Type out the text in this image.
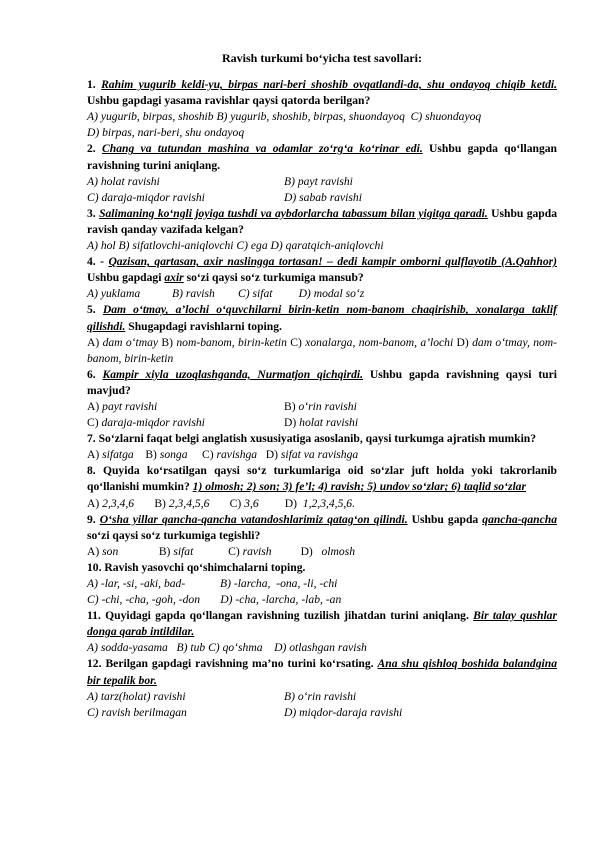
Ravish turkumi bo‘yicha test savollari:

1. Rahim yugurib keldi-yu, birpas nari-beri shoshib ovqatlandi-da, shu ondayoq chiqib ketdi. Ushbu gapdagi yasama ravishlar qaysi qatorda berilgan?

A) yugurib, birpas, shoshib B) yugurib, shoshib, birpas, shuondayoq  C) shuondayoq

D) birpas, nari-beri, shu ondayoq

2. Chang va tutundan mashina va odamlar zo‘rg‘a ko‘rinar edi. Ushbu gapda qo‘llangan ravishning turini aniqlang.

A) holat ravishi	B) payt ravishi
C) daraja-miqdor ravishi	D) sabab ravishi

3. Salimaning ko‘ngli joyiga tushdi va aybdorlarcha tabassum bilan yigitga qaradi. Ushbu gapda ravish qanday vazifada kelgan?

A) hol B) sifatlovchi-aniqlovchi C) ega D) qaratqich-aniqlovchi

4. - Qazisan, qartasan, axir naslingga tortasan! – dedi kampir omborni qulflayotib (A.Qahhor) Ushbu gapdagi axir so‘zi qaysi so‘z turkumiga mansub?

A) yuklama           B) ravish        C) sifat         D) modal so‘z

5. Dam o‘tmay, a’lochi o‘quvchilarni birin-ketin nom-banom chaqirishib, xonalarga taklif qilishdi. Shugapdagi ravishlarni toping.

A) dam o‘tmay B) nom-banom, birin-ketin C) xonalarga, nom-banom, a’lochi D) dam o‘tmay, nom-banom, birin-ketin

6. Kampir xiyla uzoqlashganda, Nurmatjon qichqirdi. Ushbu gapda ravishning qaysi turi mavjud?

A) payt ravishi	B) o‘rin ravishi
C) daraja-miqdor ravishi	D) holat ravishi

7. So‘zlarni faqat belgi anglatish xususiyatiga asoslanib, qaysi turkumga ajratish mumkin?

A) sifatga    B) songa     C) ravishga   D) sifat va ravishga

8. Quyida ko‘rsatilgan qaysi so‘z turkumlariga oid so‘zlar juft holda yoki takrorlanib qo‘llanishi mumkin? 1) olmosh; 2) son; 3) fe’l; 4) ravish; 5) undov so‘zlar; 6) taqlid so‘zlar

A) 2,3,4,6       B) 2,3,4,5,6       C) 3,6         D)  1,2,3,4,5,6.

9. O‘sha yillar qancha-qancha vatandoshlarimiz qatag‘on qilindi. Ushbu gapda qancha-qancha so‘zi qaysi so‘z turkumiga tegishli?

A) son              B) sifat            C) ravish          D)   olmosh

10. Ravish yasovchi qo‘shimchalarni toping.

A) -lar, -si, -aki, bad-            B) -larcha,  -ona, -li, -chi

C) -chi, -cha, -goh, -don       D) -cha, -larcha, -lab, -an

11. Quyidagi gapda qo‘llangan ravishning tuzilish jihatdan turini aniqlang. Bir talay qushlar donga qarab intildilar.

A) sodda-yasama   B) tub C) qo‘shma    D) otlashgan ravish

12. Berilgan gapdagi ravishning ma’no turini ko‘rsating. Ana shu qishloq boshida balandgina bir tepalik bor.

A) tarz(holat) ravishi	B) o‘rin ravishi
C) ravish berilmagan	D) miqdor-daraja ravishi
